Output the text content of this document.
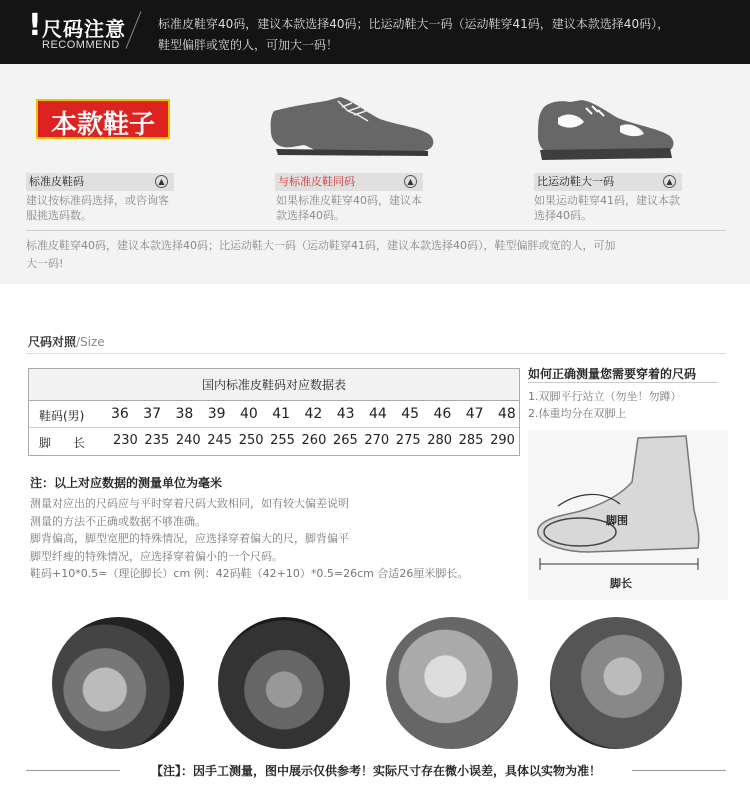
! 尺码注意
RECOMMEND
标准皮鞋穿40码，建议本款选择40码；比运动鞋大一码（运动鞋穿41码，建议本款选择40码），
鞋型偏胖或宽的人，可加大一码！
本款鞋子
标准皮鞋码	▲
建议按标准码选择，或咨询客
服挑选码数。
与标准皮鞋同码	▲
如果标准皮鞋穿40码，建议本
款选择40码。
比运动鞋大一码	▲
如果运动鞋穿41码，建议本款
选择40码。
标准皮鞋穿40码，建议本款选择40码；比运动鞋大一码（运动鞋穿41码，建议本款选择40码），鞋型偏胖或宽的人，可加
大一码!
尺码对照/Size
国内标准皮鞋码对应数据表
鞋码(男) 36 37 38 39 40 41 42 43 44 45 46 47 48
脚长 230 235 240 245 250 255 260 265 270 275 280 285 290
注：以上对应数据的测量单位为毫米
测量对应出的尺码应与平时穿着尺码大致相同，如有较大偏差说明
测量的方法不正确或数据不够准确。
脚背偏高，脚型宽肥的特殊情况，应选择穿着偏大的尺，脚背偏平
脚型纤瘦的特殊情况，应选择穿着偏小的一个尺码。
鞋码+10*0.5=（理论脚长）cm 例：42码鞋（42+10）*0.5=26cm 合适26厘米脚长。
如何正确测量您需要穿着的尺码
1.双脚平行站立（勿坐！勿蹲）
2.体重均分在双脚上
脚围
脚长
【注】：因手工测量，图中展示仅供参考！实际尺寸存在微小误差，具体以实物为准！
